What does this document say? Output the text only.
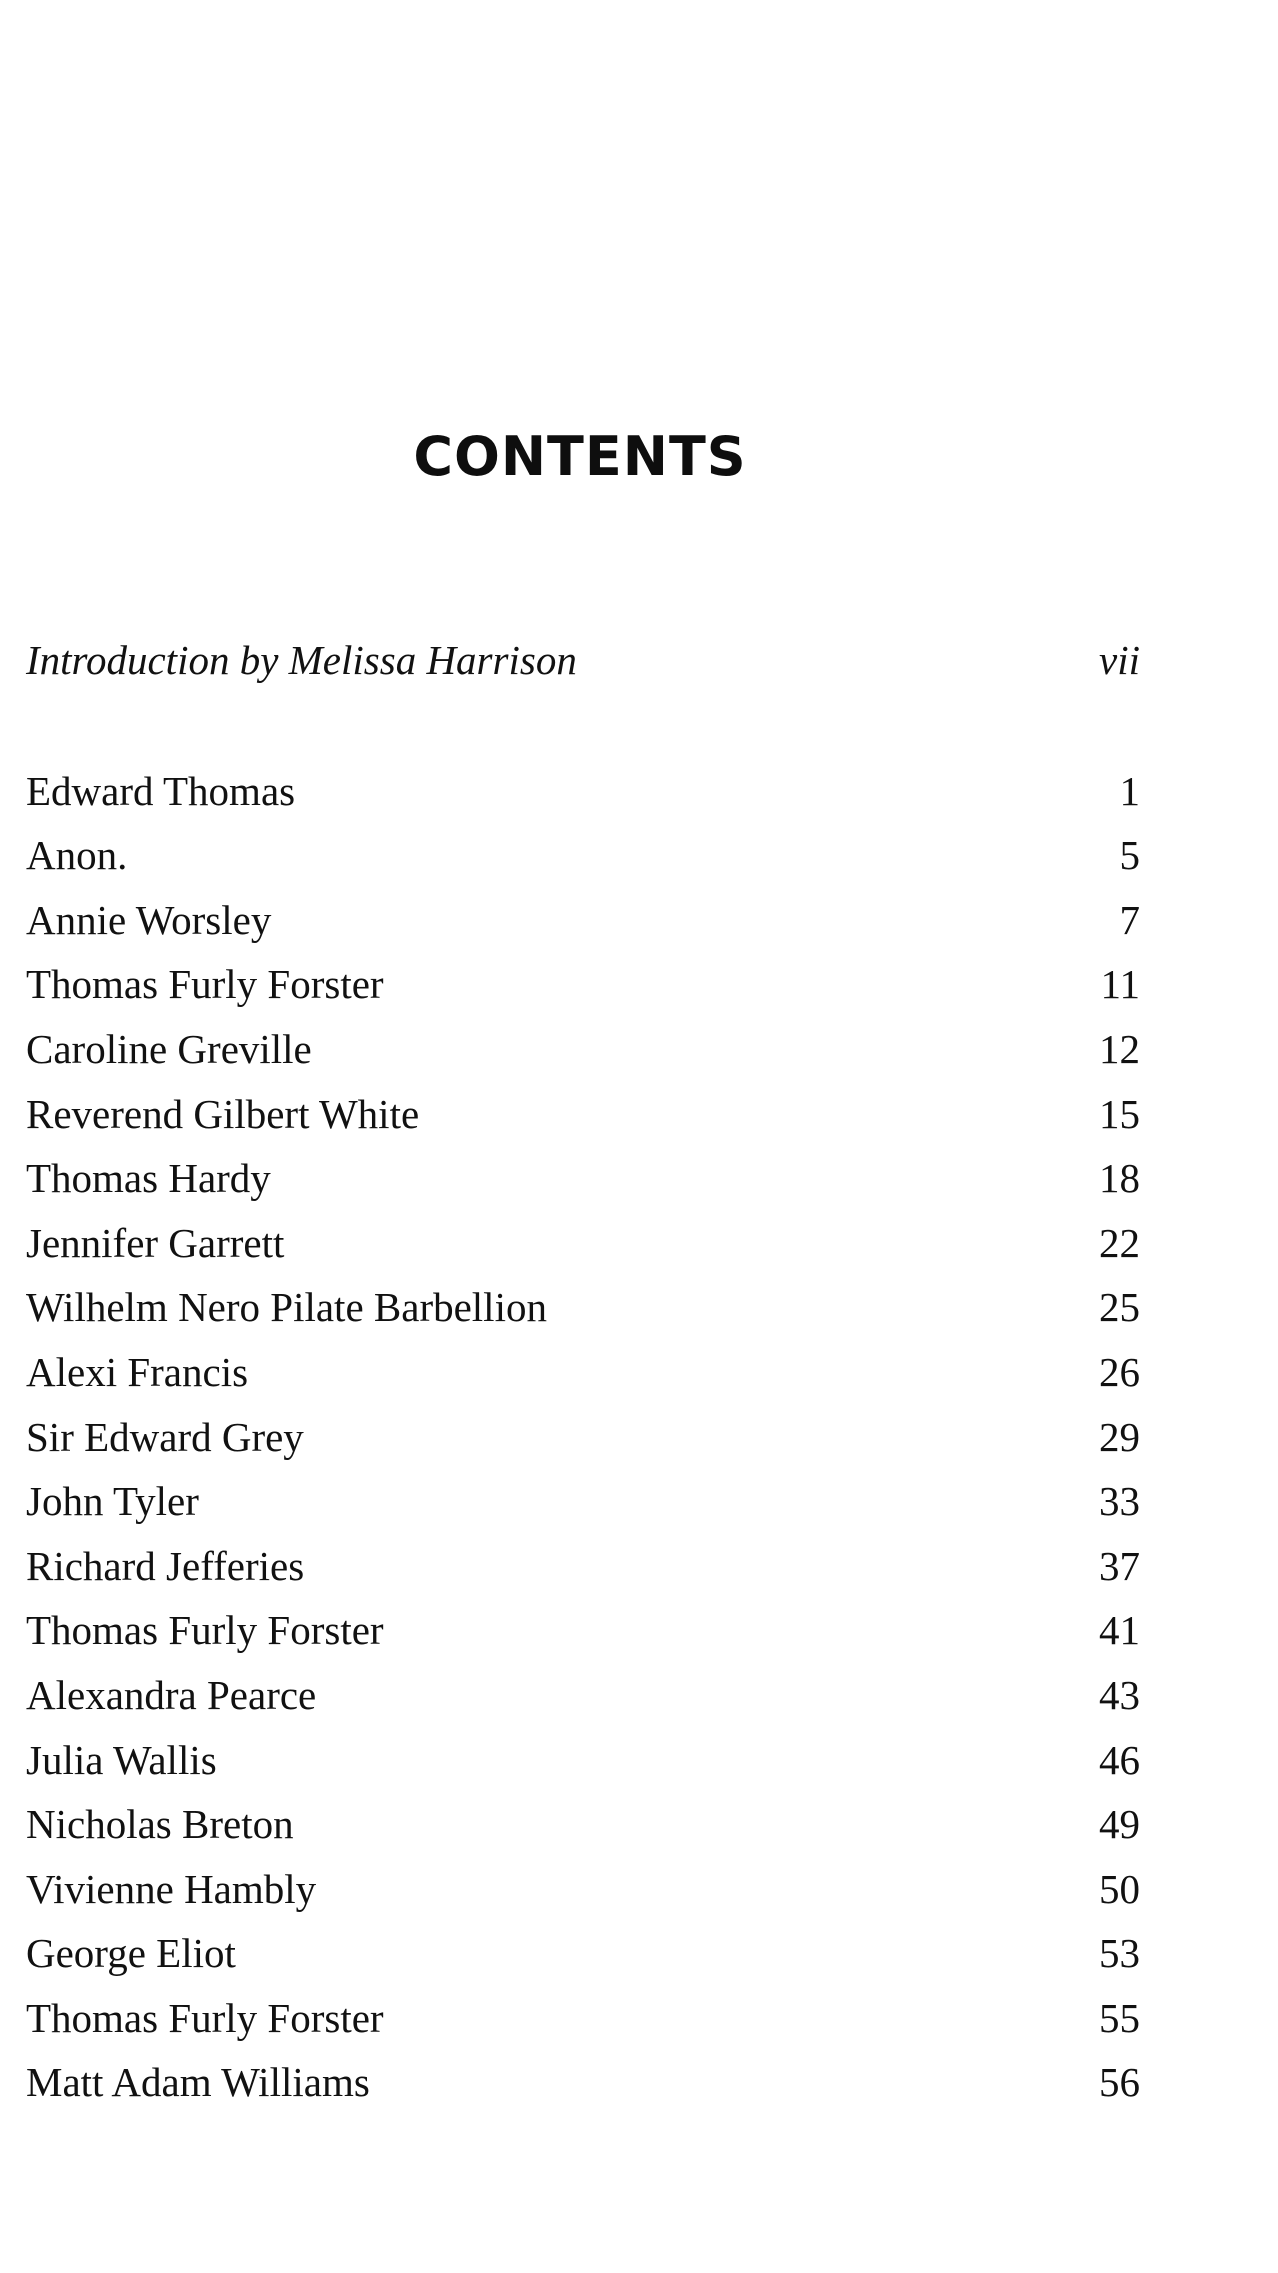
CONTENTS
Introduction by Melissa Harrison	vii
Edward Thomas	1
Anon.	5
Annie Worsley	7
Thomas Furly Forster	11
Caroline Greville	12
Reverend Gilbert White	15
Thomas Hardy	18
Jennifer Garrett	22
Wilhelm Nero Pilate Barbellion	25
Alexi Francis	26
Sir Edward Grey	29
John Tyler	33
Richard Jefferies	37
Thomas Furly Forster	41
Alexandra Pearce	43
Julia Wallis	46
Nicholas Breton	49
Vivienne Hambly	50
George Eliot	53
Thomas Furly Forster	55
Matt Adam Williams	56
